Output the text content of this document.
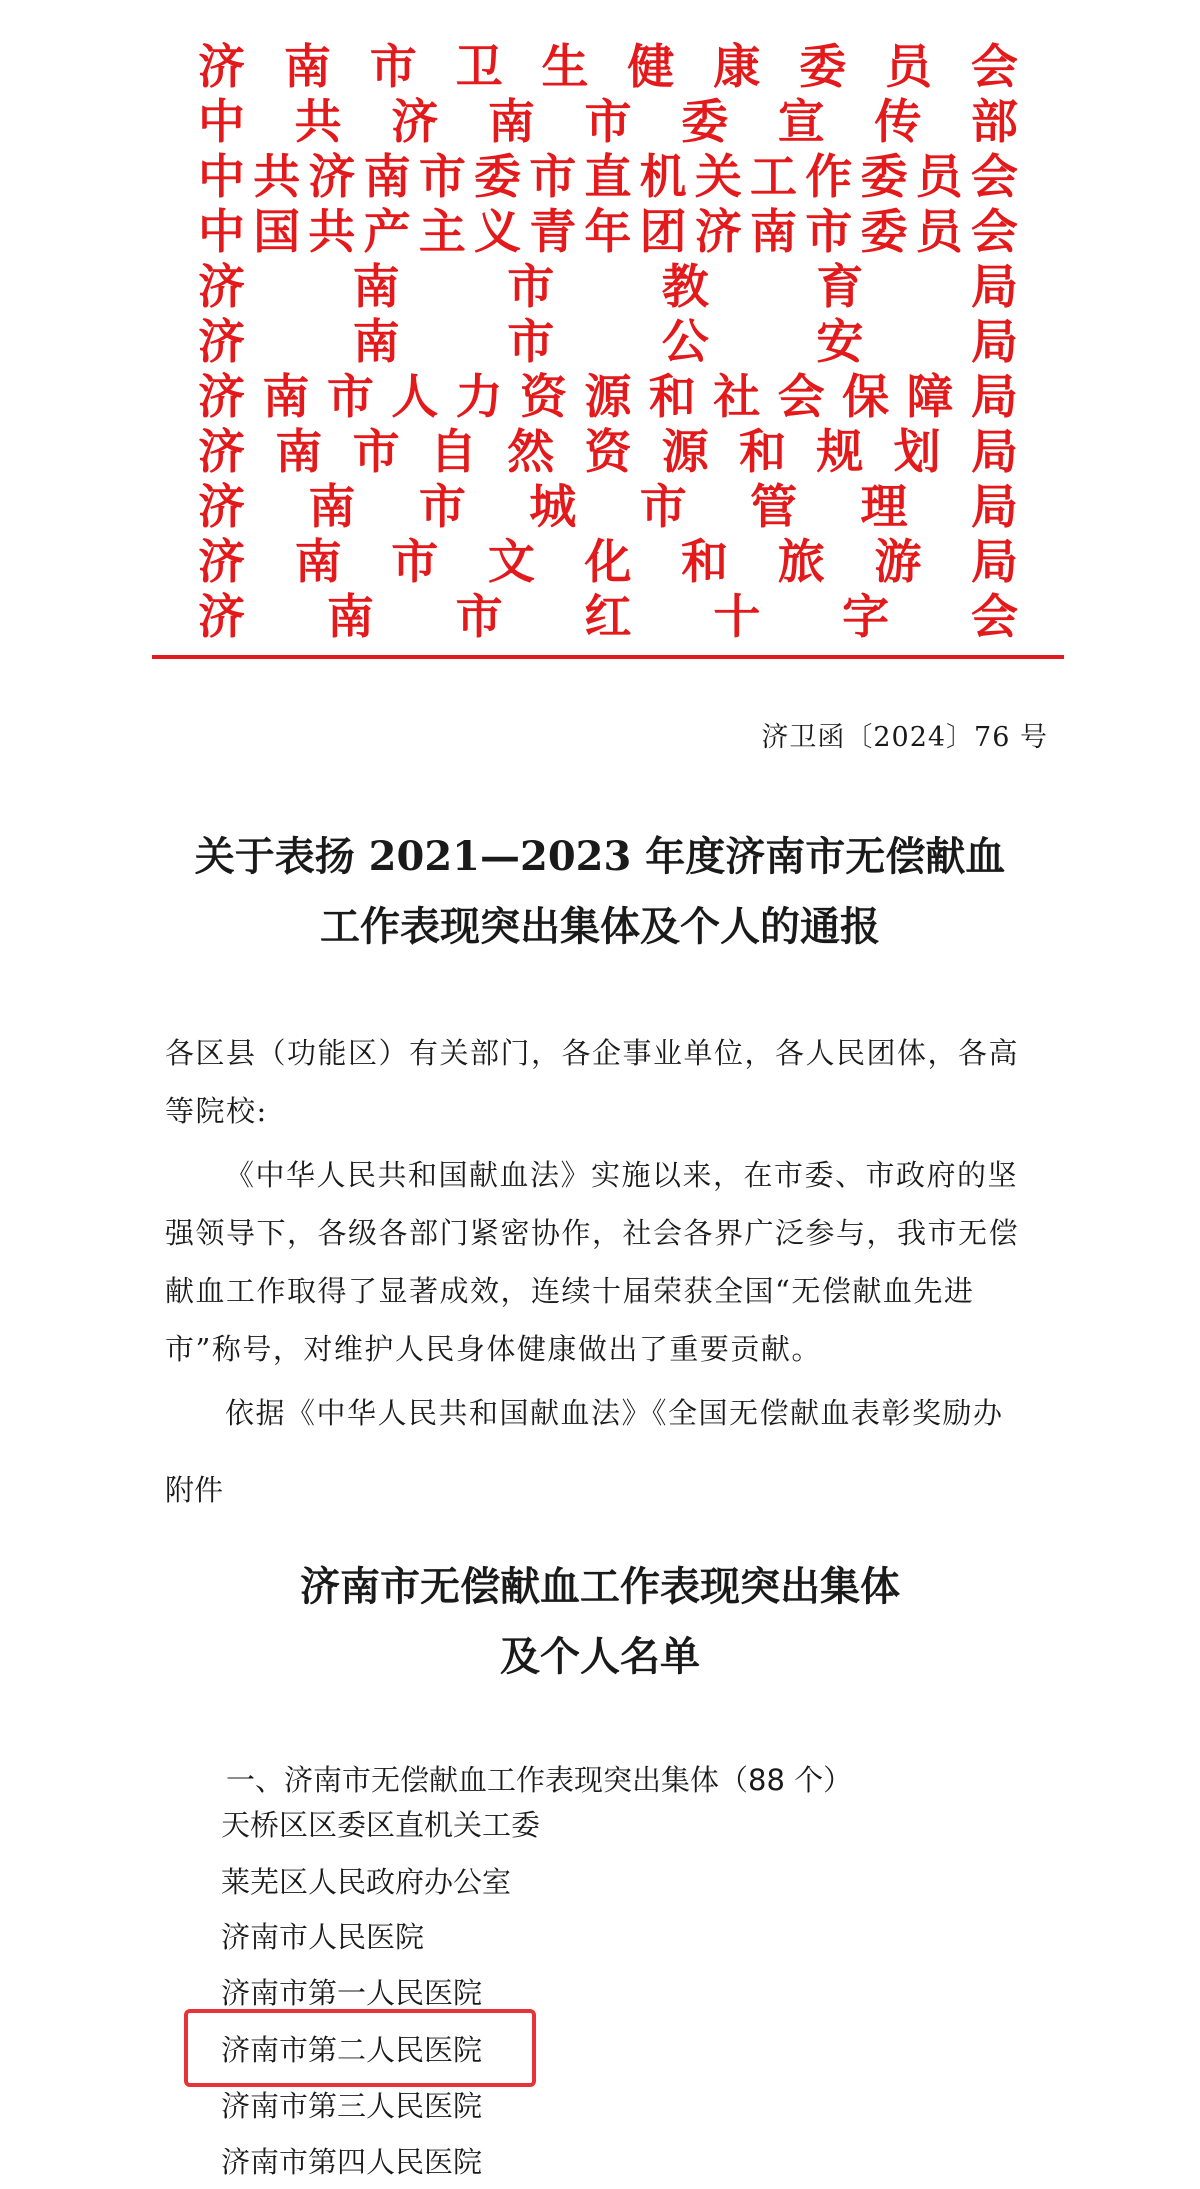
济 南 市 卫 生 健 康 委 员 会
中 共 济 南 市 委 宣 传 部
中 共 济 南 市 委 市 直 机 关 工 作 委 员 会
中 国 共 产 主 义 青 年 团 济 南 市 委 员 会
济 南 市 教 育 局
济 南 市 公 安 局
济 南 市 人 力 资 源 和 社 会 保 障 局
济 南 市 自 然 资 源 和 规 划 局
济 南 市 城 市 管 理 局
济 南 市 文 化 和 旅 游 局
济 南 市 红 十 字 会
济卫函〔2024〕76 号
关于表扬 2021—2023 年度济南市无偿献血
工作表现突出集体及个人的通报
各区县（功能区）有关部门，各企事业单位，各人民团体，各高等院校:
《中华人民共和国献血法》实施以来，在市委、市政府的坚强领导下，各级各部门紧密协作，社会各界广泛参与，我市无偿献血工作取得了显著成效，连续十届荣获全国“无偿献血先进市”称号，对维护人民身体健康做出了重要贡献。
依据《中华人民共和国献血法》《全国无偿献血表彰奖励办
附件
济南市无偿献血工作表现突出集体
及个人名单
一、济南市无偿献血工作表现突出集体（88 个）
天桥区区委区直机关工委
莱芜区人民政府办公室
济南市人民医院
济南市第一人民医院
济南市第二人民医院
济南市第三人民医院
济南市第四人民医院
